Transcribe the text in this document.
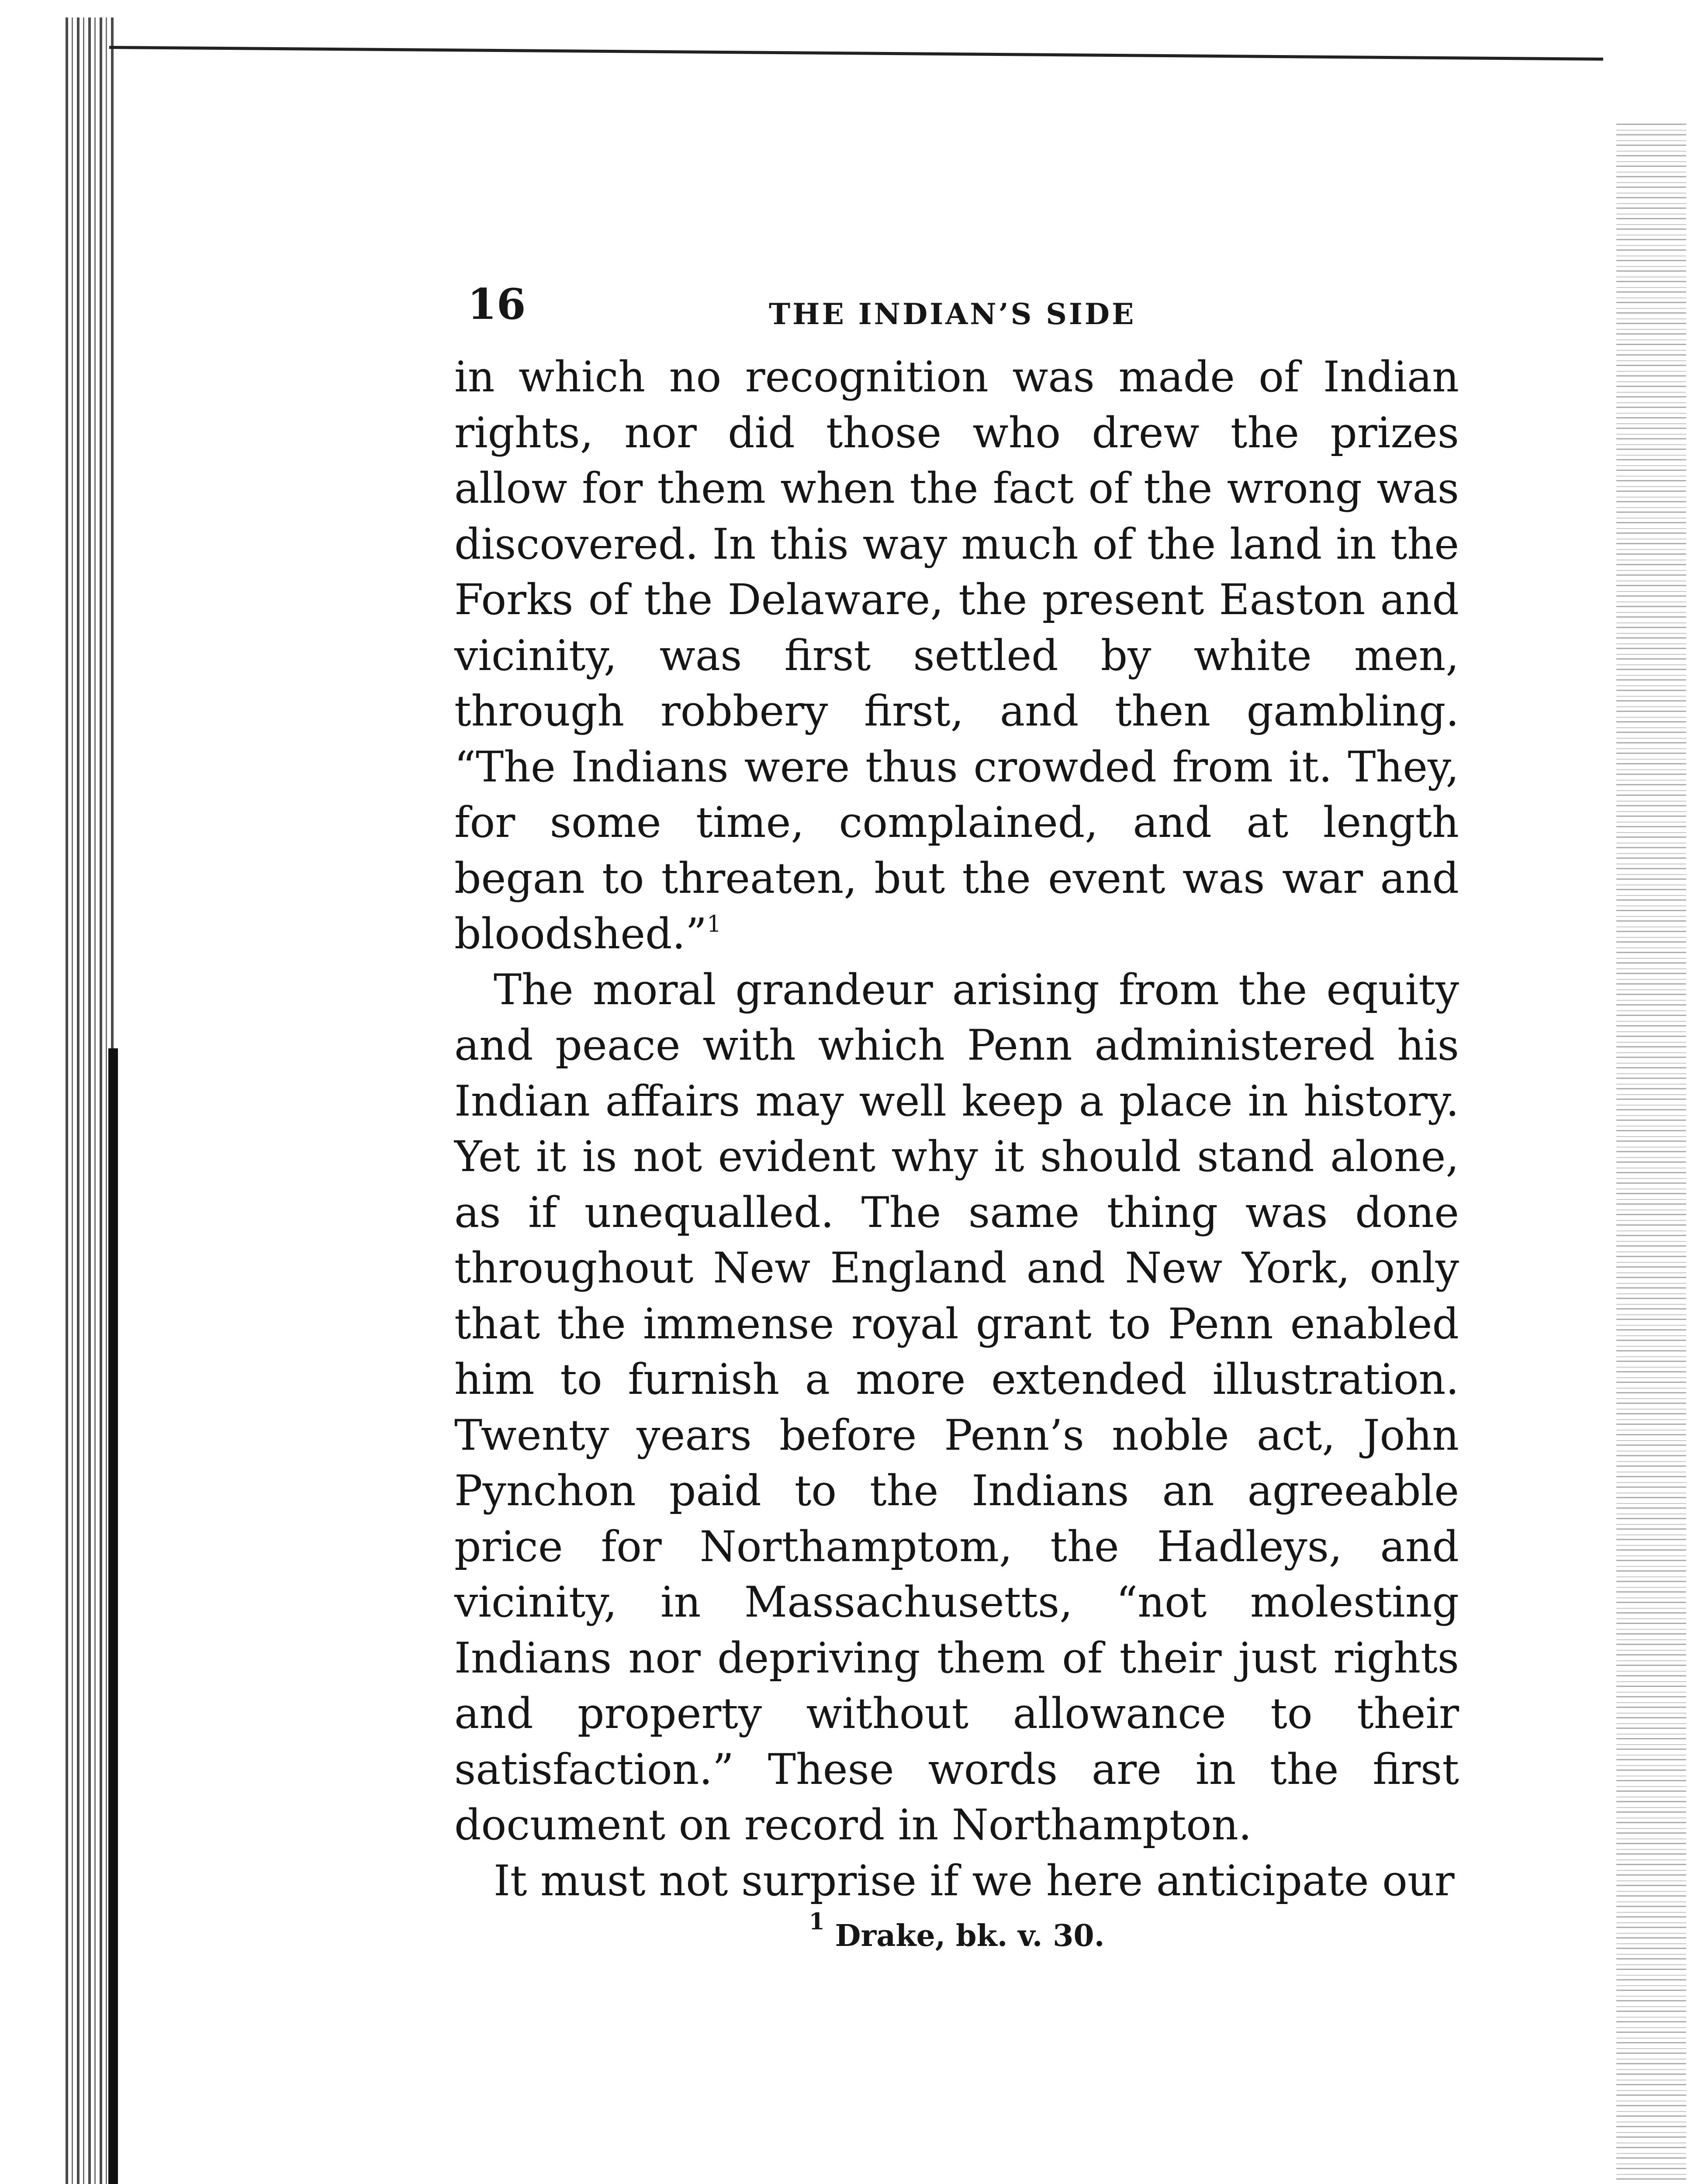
16	THE INDIAN’S SIDE

in which no recognition was made of Indian rights, nor did those who drew the prizes allow for them when the fact of the wrong was discovered. In this way much of the land in the Forks of the Delaware, the present Easton and vicinity, was first settled by white men, through robbery first, and then gambling. “The Indians were thus crowded from it. They, for some time, complained, and at length began to threaten, but the event was war and bloodshed.”$^1$

The moral grandeur arising from the equity and peace with which Penn administered his Indian affairs may well keep a place in history. Yet it is not evident why it should stand alone, as if unequalled. The same thing was done throughout New England and New York, only that the immense royal grant to Penn enabled him to furnish a more extended illustration. Twenty years before Penn’s noble act, John Pynchon paid to the Indians an agreeable price for Northamptom, the Hadleys, and vicinity, in Massachusetts, “not molesting Indians nor depriving them of their just rights and property without allowance to their satisfaction.” These words are in the first document on record in Northampton.

It must not surprise if we here anticipate our

$^1$ Drake, bk. v. 30.
